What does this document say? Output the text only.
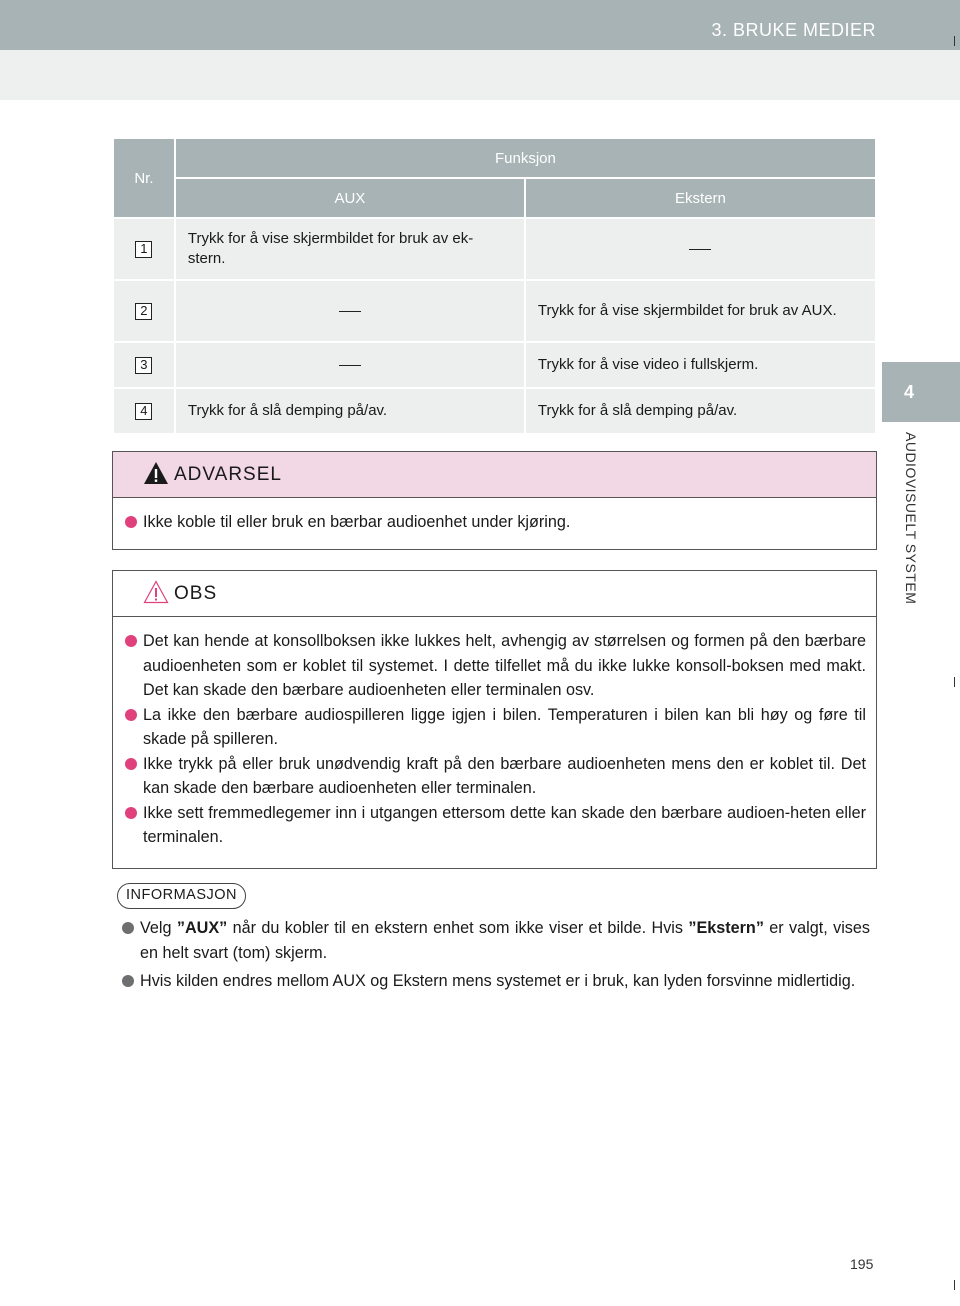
3. BRUKE MEDIER
4
AUDIOVISUELT SYSTEM
Nr.	Funksjon	
	AUX	Ekstern
1	Trykk for å vise skjermbildet for bruk av ek-stern.	
2		Trykk for å vise skjermbildet for bruk av AUX.
3		Trykk for å vise video i fullskjerm.
4	Trykk for å slå demping på/av.	Trykk for å slå demping på/av.
ADVARSEL
Ikke koble til eller bruk en bærbar audioenhet under kjøring.
OBS
Det kan hende at konsollboksen ikke lukkes helt, avhengig av størrelsen og formen på den bærbare audioenheten som er koblet til systemet. I dette tilfellet må du ikke lukke konsoll-boksen med makt. Det kan skade den bærbare audioenheten eller terminalen osv.
La ikke den bærbare audiospilleren ligge igjen i bilen. Temperaturen i bilen kan bli høy og føre til skade på spilleren.
Ikke trykk på eller bruk unødvendig kraft på den bærbare audioenheten mens den er koblet til. Det kan skade den bærbare audioenheten eller terminalen.
Ikke sett fremmedlegemer inn i utgangen ettersom dette kan skade den bærbare audioen-heten eller terminalen.
INFORMASJON
Velg ”AUX” når du kobler til en ekstern enhet som ikke viser et bilde. Hvis ”Ekstern” er valgt, vises en helt svart (tom) skjerm.
Hvis kilden endres mellom AUX og Ekstern mens systemet er i bruk, kan lyden forsvinne midlertidig.
195
